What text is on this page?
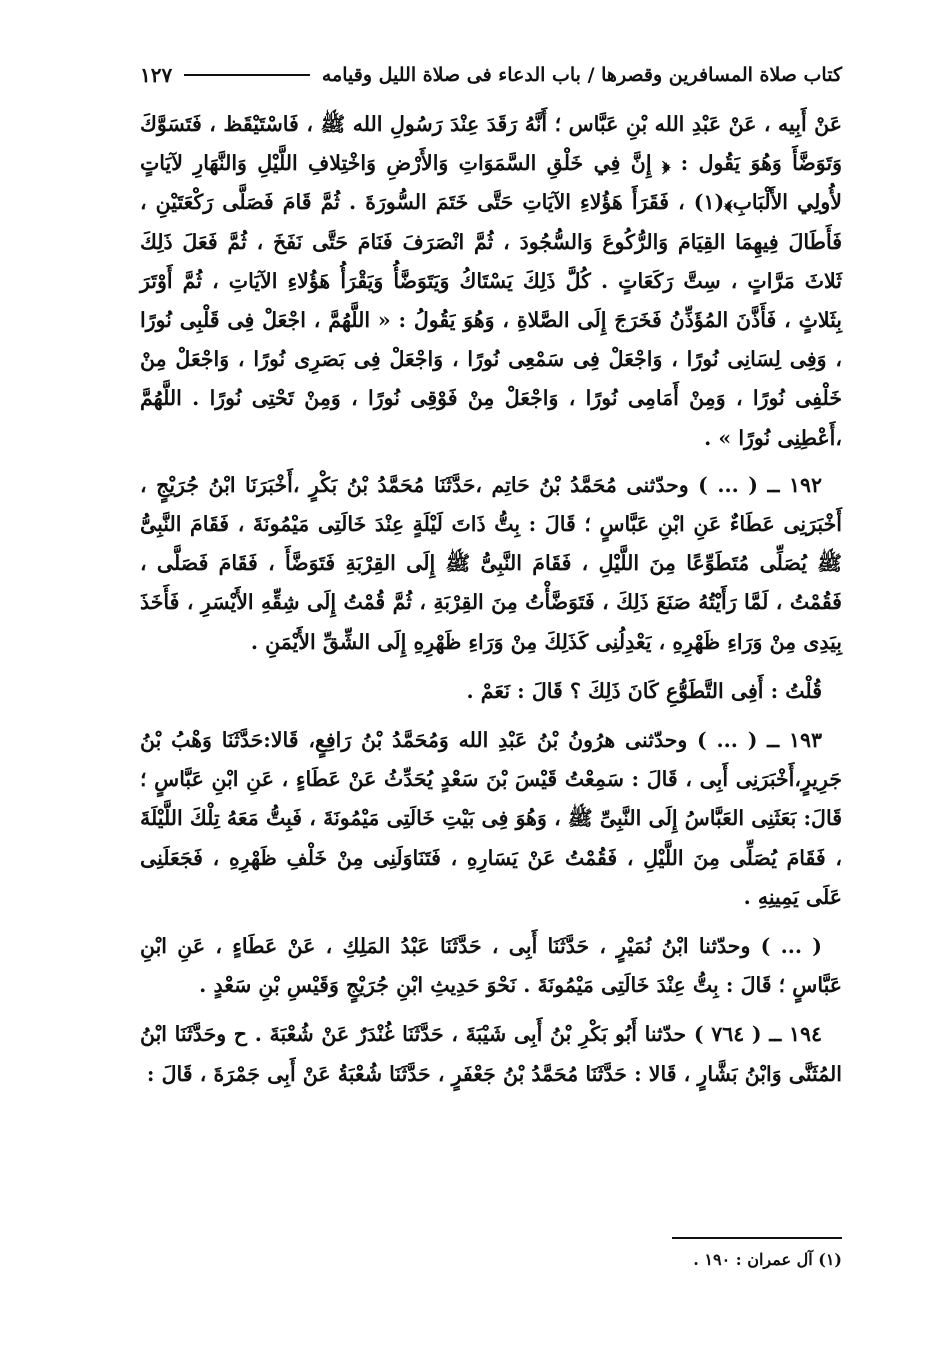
كتاب صلاة المسافرين وقصرها / باب الدعاء فى صلاة الليل وقيامه
١٢٧

عَنْ أَبِيه ، عَنْ عَبْدِ الله بْنِ عَبَّاس ؛ أَنَّهُ رَقَدَ عِنْدَ رَسُولِ الله ﷺ ، فَاسْتَيْقَظ ، فَتَسَوَّكَ وَتَوَضَّأَ وَهُوَ يَقُول : ﴿ إِنَّ فِي خَلْقِ السَّمَوَاتِ وَالأَرْضِ وَاخْتِلافِ اللَّيْلِ وَالنَّهَارِ لآيَاتٍ لأُولِي الأَلْبَابِ﴾(١) ، فَقَرَأَ هَؤُلاءِ الآيَاتِ حَتَّى خَتَمَ السُّورَةَ . ثُمَّ قَامَ فَصَلَّى رَكْعَتَيْنِ ، فَأَطَالَ فِيهِمَا القِيَامَ وَالرُّكُوعَ وَالسُّجُودَ ، ثُمَّ انْصَرَفَ فَنَامَ حَتَّى نَفَخَ ، ثُمَّ فَعَلَ ذَلِكَ ثَلاثَ مَرَّاتٍ ، سِتَّ رَكَعَاتٍ . كُلَّ ذَلِكَ يَسْتَاكُ وَيَتَوَضَّأُ وَيَقْرَأُ هَؤُلاءِ الآيَاتِ ، ثُمَّ أَوْتَرَ بِثَلاثٍ ، فَأَذَّنَ المُؤَذِّنُ فَخَرَجَ إِلَى الصَّلاةِ ، وَهُوَ يَقُولُ : « اللَّهُمَّ ، اجْعَلْ فِى قَلْبِى نُورًا ، وَفِى لِسَانِى نُورًا ، وَاجْعَلْ فِى سَمْعِى نُورًا ، وَاجْعَلْ فِى بَصَرِى نُورًا ، وَاجْعَلْ مِنْ خَلْفِى نُورًا ، وَمِنْ أَمَامِى نُورًا ، وَاجْعَلْ مِنْ فَوْقِى نُورًا ، وَمِنْ تَحْتِى نُورًا . اللَّهُمَّ ،أَعْطِنِى نُورًا » .

١٩٢ ــ ( ... ) وحدّثنى مُحَمَّدُ بْنُ حَاتِم ،حَدَّثَنَا مُحَمَّدُ بْنُ بَكْرٍ ،أَخْبَرَنَا ابْنُ جُرَيْجٍ ، أَخْبَرَنِى عَطَاءٌ عَنِ ابْنِ عَبَّاسٍ ؛ قَالَ : بِتُّ ذَاتَ لَيْلَةٍ عِنْدَ خَالَتِى مَيْمُونَةَ ، فَقَامَ النَّبِىُّ ﷺ يُصَلِّى مُتَطَوِّعًا مِنَ اللَّيْلِ ، فَقَامَ النَّبِىُّ ﷺ إِلَى القِرْبَةِ فَتَوَضَّأَ ، فَقَامَ فَصَلَّى ، فَقُمْتُ ، لَمَّا رَأَيْتُهُ صَنَعَ ذَلِكَ ، فَتَوَضَّأْتُ مِنَ القِرْبَةِ ، ثُمَّ قُمْتُ إِلَى شِقِّهِ الأَيْسَرِ ، فَأَخَذَ بِيَدِى مِنْ وَرَاءِ ظَهْرِهِ ، يَعْدِلُنِى كَذَلِكَ مِنْ وَرَاءِ ظَهْرِهِ إِلَى الشِّقِّ الأَيْمَنِ .

قُلْتُ : أَفِى التَّطَوُّعِ كَانَ ذَلِكَ ؟ قَالَ : نَعَمْ .

١٩٣ ــ ( ... ) وحدّثنى هرُونُ بْنُ عَبْدِ الله وَمُحَمَّدُ بْنُ رَافِعٍ، قَالا:حَدَّثَنَا وَهْبُ بْنُ جَرِيرٍ،أَخْبَرَنِى أَبِى ، قَالَ : سَمِعْتُ قَيْسَ بْنَ سَعْدٍ يُحَدِّثُ عَنْ عَطَاءٍ ، عَنِ ابْنِ عَبَّاسٍ ؛ قَالَ: بَعَثَنِى العَبَّاسُ إِلَى النَّبِىِّ ﷺ ، وَهُوَ فِى بَيْتِ خَالَتِى مَيْمُونَةَ ، فَبِتُّ مَعَهُ تِلْكَ اللَّيْلَةَ ، فَقَامَ يُصَلِّى مِنَ اللَّيْلِ ، فَقُمْتُ عَنْ يَسَارِهِ ، فَتَنَاوَلَنِى مِنْ خَلْفِ ظَهْرِهِ ، فَجَعَلَنِى عَلَى يَمِينِهِ .

( ... ) وحدّثنا ابْنُ نُمَيْرٍ ، حَدَّثَنَا أَبِى ، حَدَّثَنَا عَبْدُ المَلِكِ ، عَنْ عَطَاءٍ ، عَنِ ابْنِ عَبَّاسٍ ؛ قَالَ : بِتُّ عِنْدَ خَالَتِى مَيْمُونَةَ . نَحْوَ حَدِيثِ ابْنِ جُرَيْجٍ وَقَيْسِ بْنِ سَعْدٍ .

١٩٤ ــ ( ٧٦٤ ) حدّثنا أَبُو بَكْرِ بْنُ أَبِى شَيْبَةَ ، حَدَّثَنَا غُنْدَرٌ عَنْ شُعْبَةَ . ح وحَدَّثَنَا ابْنُ المُثَنَّى وَابْنُ بَشَّارٍ ، قَالا : حَدَّثَنَا مُحَمَّدُ بْنُ جَعْفَرٍ ، حَدَّثَنَا شُعْبَةُ عَنْ أَبِى جَمْرَةَ ، قَالَ :

(١) آل عمران : ١٩٠ .
